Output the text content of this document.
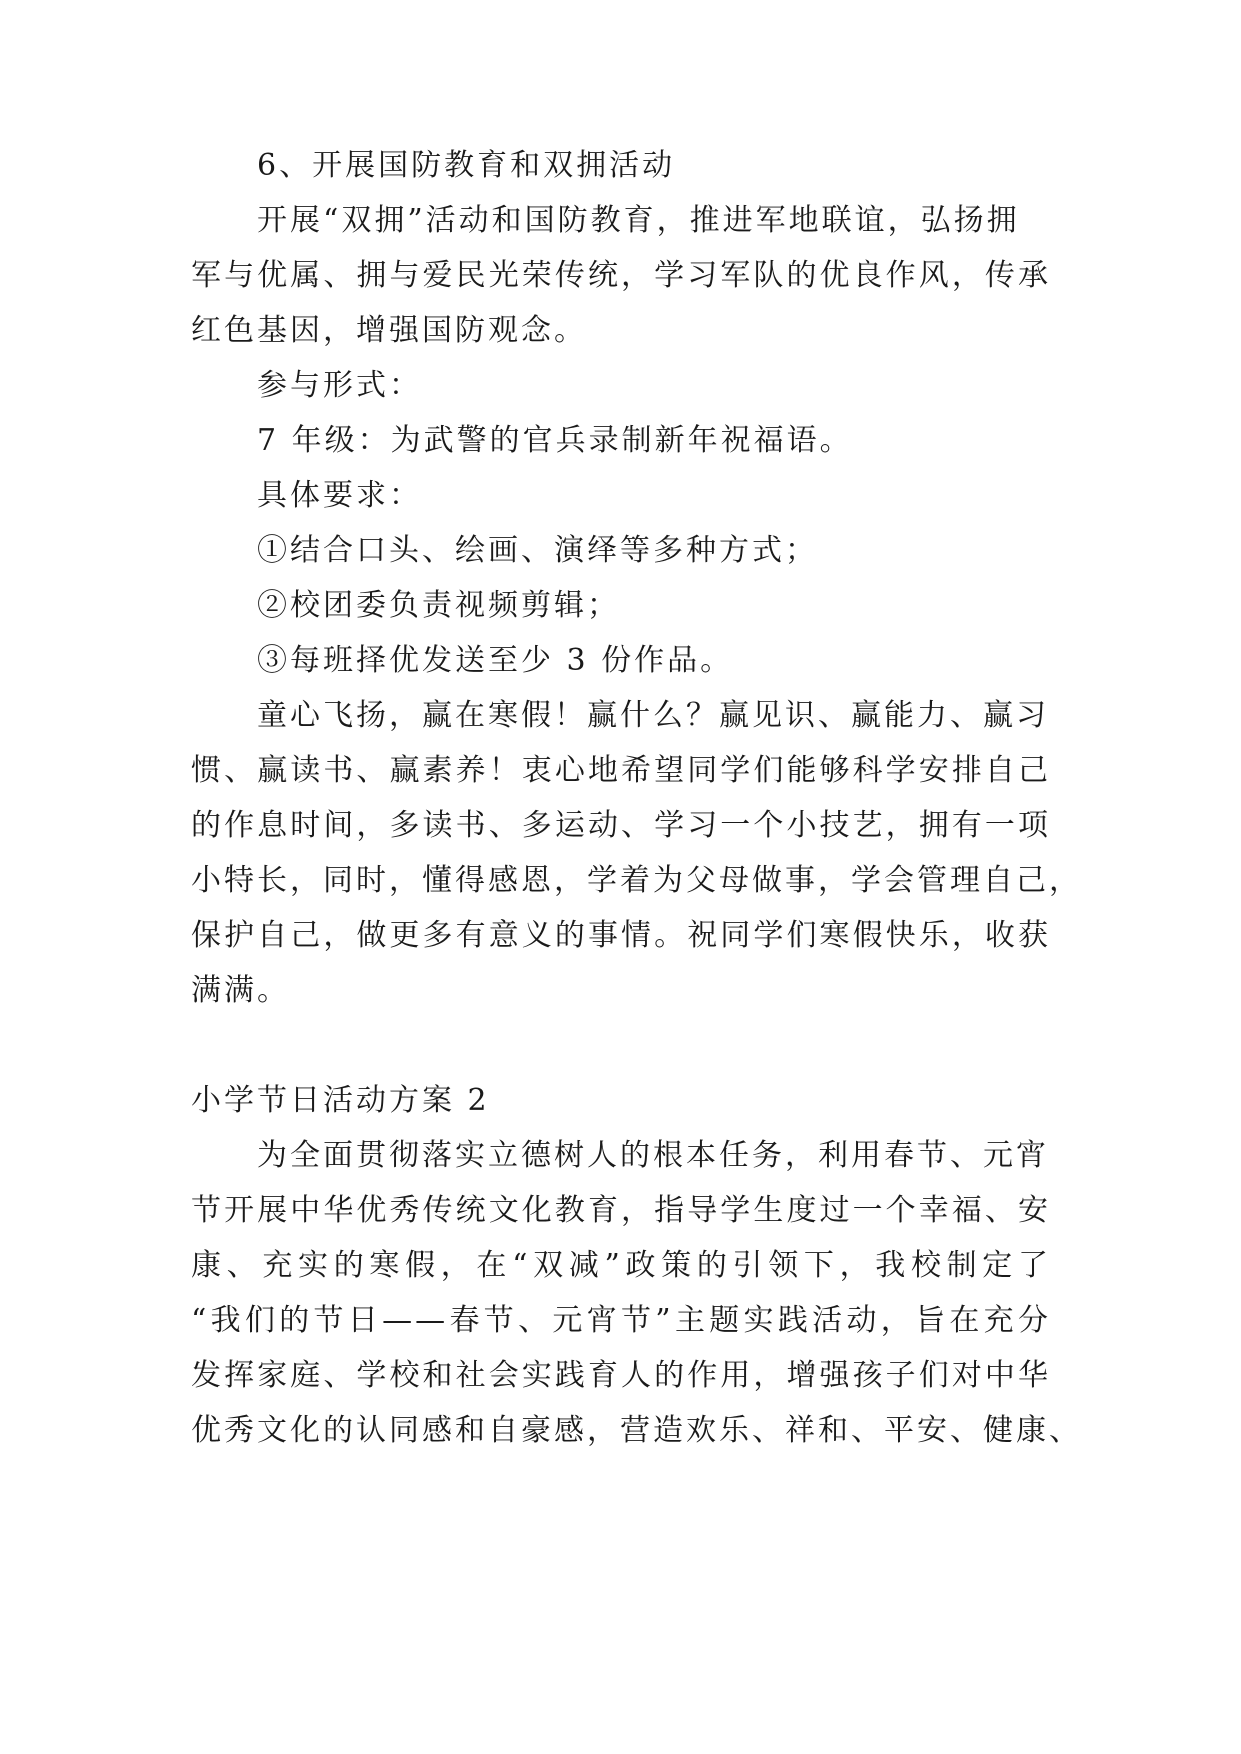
6、开展国防教育和双拥活动
开展“双拥”活动和国防教育，推进军地联谊，弘扬拥
军与优属、拥与爱民光荣传统，学习军队的优良作风，传承
红色基因，增强国防观念。
参与形式：
7 年级：为武警的官兵录制新年祝福语。
具体要求：
①结合口头、绘画、演绎等多种方式；
②校团委负责视频剪辑；
③每班择优发送至少 3 份作品。
童心飞扬，赢在寒假！赢什么？赢见识、赢能力、赢习
惯、赢读书、赢素养！衷心地希望同学们能够科学安排自己
的作息时间，多读书、多运动、学习一个小技艺，拥有一项
小特长，同时，懂得感恩，学着为父母做事，学会管理自己，
保护自己，做更多有意义的事情。祝同学们寒假快乐，收获
满满。
小学节日活动方案 2
为全面贯彻落实立德树人的根本任务，利用春节、元宵
节开展中华优秀传统文化教育，指导学生度过一个幸福、安
康、充实的寒假，在“双减”政策的引领下，我校制定了
“我们的节日——春节、元宵节”主题实践活动，旨在充分
发挥家庭、学校和社会实践育人的作用，增强孩子们对中华
优秀文化的认同感和自豪感，营造欢乐、祥和、平安、健康、
